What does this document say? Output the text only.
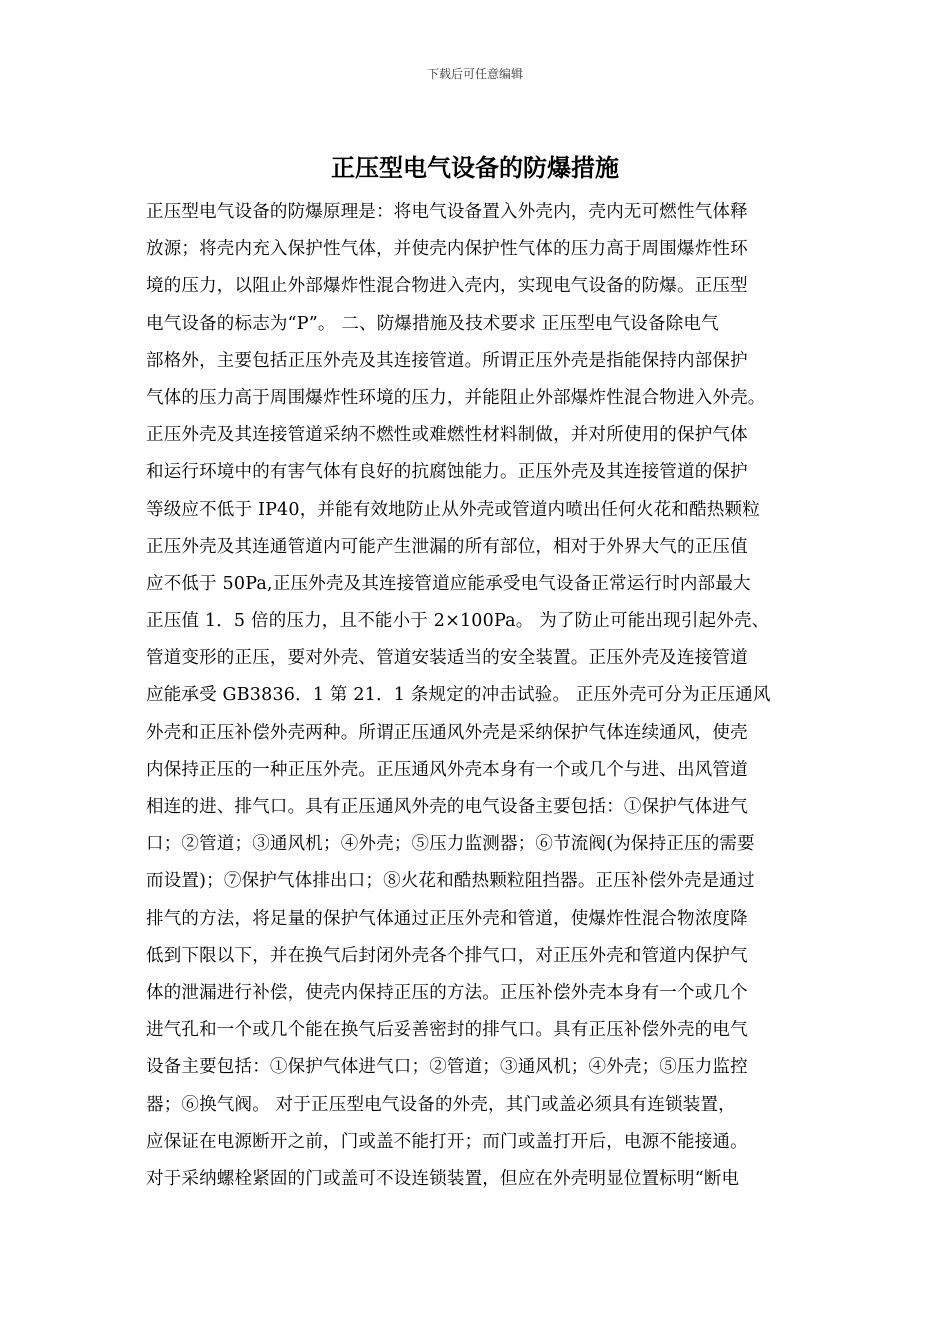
下载后可任意编辑
正压型电气设备的防爆措施
正压型电气设备的防爆原理是：将电气设备置入外壳内，壳内无可燃性气体释
放源；将壳内充入保护性气体，并使壳内保护性气体的压力高于周围爆炸性环
境的压力，以阻止外部爆炸性混合物进入壳内，实现电气设备的防爆。正压型
电气设备的标志为“P”。 二、防爆措施及技术要求 正压型电气设备除电气
部格外，主要包括正压外壳及其连接管道。所谓正压外壳是指能保持内部保护
气体的压力高于周围爆炸性环境的压力，并能阻止外部爆炸性混合物进入外壳。
正压外壳及其连接管道采纳不燃性或难燃性材料制做，并对所使用的保护气体
和运行环境中的有害气体有良好的抗腐蚀能力。正压外壳及其连接管道的保护
等级应不低于 IP40，并能有效地防止从外壳或管道内喷出任何火花和酷热颗粒
正压外壳及其连通管道内可能产生泄漏的所有部位，相对于外界大气的正压值
应不低于 50Pa,正压外壳及其连接管道应能承受电气设备正常运行时内部最大
正压值 1．5 倍的压力，且不能小于 2×100Pa。 为了防止可能出现引起外壳、
管道变形的正压，要对外壳、管道安装适当的安全装置。正压外壳及连接管道
应能承受 GB3836．1 第 21．1 条规定的冲击试验。 正压外壳可分为正压通风
外壳和正压补偿外壳两种。所谓正压通风外壳是采纳保护气体连续通风，使壳
内保持正压的一种正压外壳。正压通风外壳本身有一个或几个与进、出风管道
相连的进、排气口。具有正压通风外壳的电气设备主要包括：①保护气体进气
口；②管道；③通风机；④外壳；⑤压力监测器；⑥节流阀(为保持正压的需要
而设置)；⑦保护气体排出口；⑧火花和酷热颗粒阻挡器。正压补偿外壳是通过
排气的方法，将足量的保护气体通过正压外壳和管道，使爆炸性混合物浓度降
低到下限以下，并在换气后封闭外壳各个排气口，对正压外壳和管道内保护气
体的泄漏进行补偿，使壳内保持正压的方法。正压补偿外壳本身有一个或几个
进气孔和一个或几个能在换气后妥善密封的排气口。具有正压补偿外壳的电气
设备主要包括：①保护气体进气口；②管道；③通风机；④外壳；⑤压力监控
器；⑥换气阀。 对于正压型电气设备的外壳，其门或盖必须具有连锁装置，
应保证在电源断开之前，门或盖不能打开；而门或盖打开后，电源不能接通。
对于采纳螺栓紧固的门或盖可不设连锁装置，但应在外壳明显位置标明“断电
